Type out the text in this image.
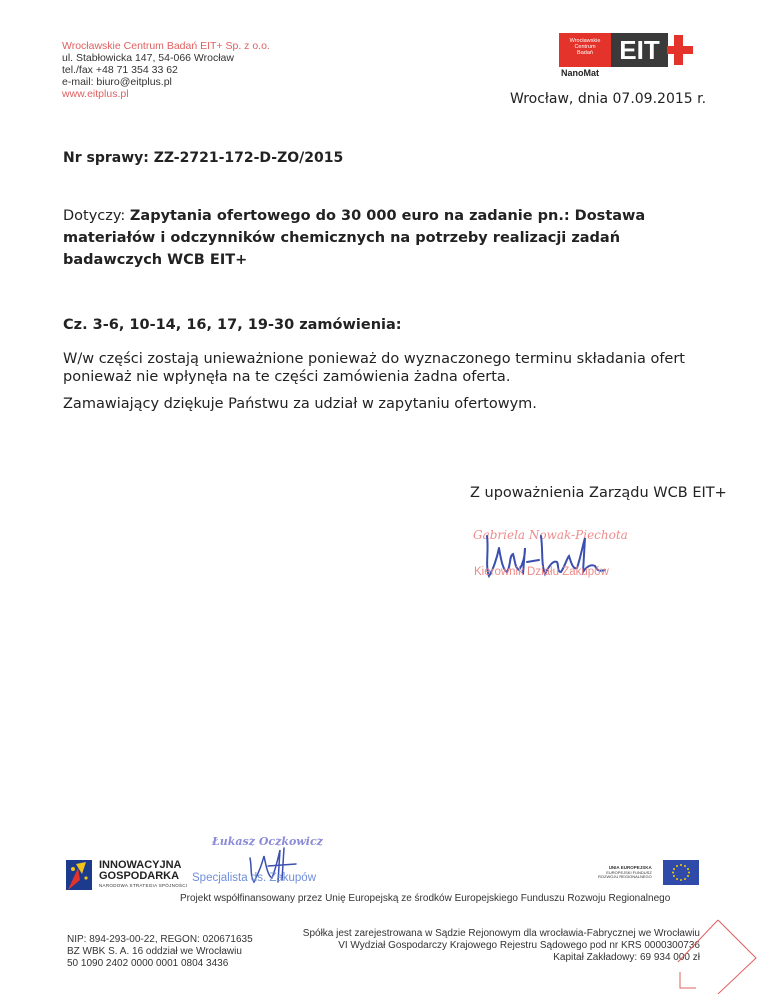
Wrocławskie Centrum Badań EIT+ Sp. z o.o.
ul. Stabłowicka 147, 54-066 Wrocław
tel./fax +48 71 354 33 62
e-mail: biuro@eitplus.pl
www.eitplus.pl
Wrocławskie
Centrum
Badań	EIT
NanoMat
Wrocław, dnia 07.09.2015 r.
Nr sprawy: ZZ-2721-172-D-ZO/2015
Dotyczy: Zapytania ofertowego do 30 000 euro na zadanie pn.: Dostawa materiałów i odczynników chemicznych na potrzeby realizacji zadań badawczych WCB EIT+
Cz. 3-6, 10-14, 16, 17, 19-30 zamówienia:
W/w części zostają unieważnione ponieważ do wyznaczonego terminu składania ofert ponieważ nie wpłynęła na te części zamówienia żadna oferta.
Zamawiający dziękuje Państwu za udział w zapytaniu ofertowym.
Z upoważnienia Zarządu WCB EIT+
Gabriela Nowak-Piechota
Kierownik Działu Zakupów
Łukasz Oczkowicz
Specjalista ds. Zakupów
INNOWACYJNA
GOSPODARKA
NARODOWA STRATEGIA SPÓJNOŚCI
UNIA EUROPEJSKA
EUROPEJSKI FUNDUSZ
ROZWOJU REGIONALNEGO
Projekt współfinansowany przez Unię Europejską ze środków Europejskiego Funduszu Rozwoju Regionalnego
NIP: 894-293-00-22, REGON: 020671635
BZ WBK S. A. 16 oddział we Wrocławiu
50 1090 2402 0000 0001 0804 3436
Spółka jest zarejestrowana w Sądzie Rejonowym dla wrocławia-Fabrycznej we Wrocławiu
VI Wydział Gospodarczy Krajowego Rejestru Sądowego pod nr KRS 0000300736
Kapitał Zakładowy: 69 934 000 zł
